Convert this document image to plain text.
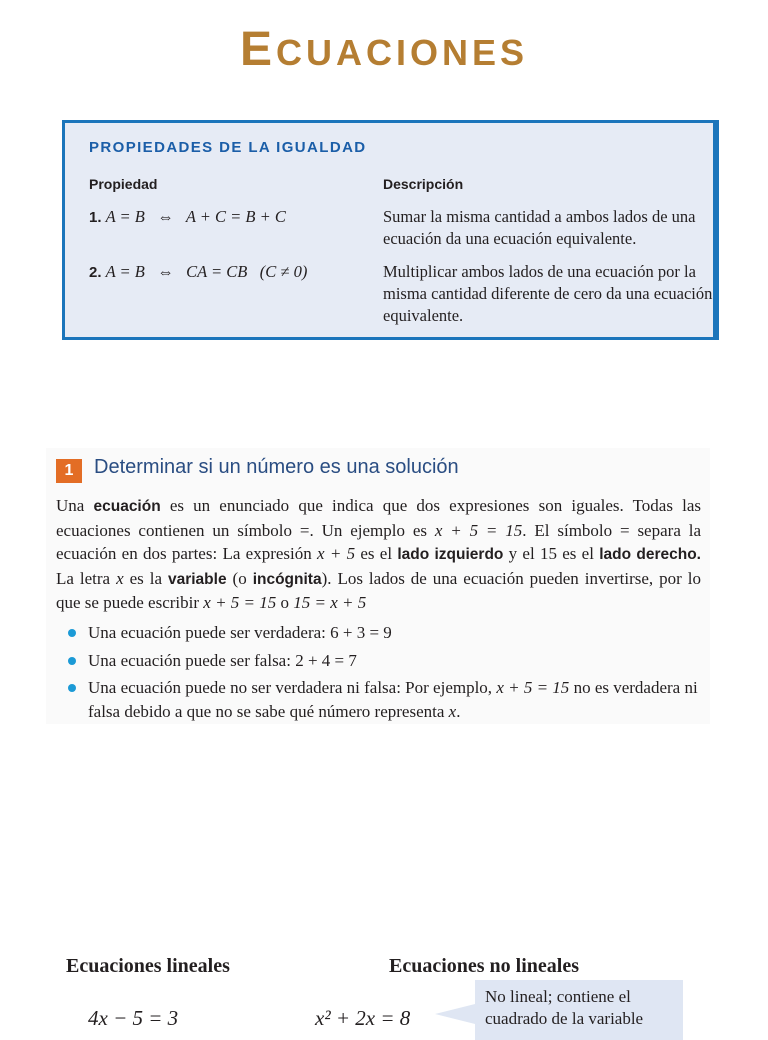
ECUACIONES
PROPIEDADES DE LA IGUALDAD
Propiedad	Descripción
1. A = B   ⇔   A + C = B + C	Sumar la misma cantidad a ambos lados de una ecuación da una ecuación equivalente.
2. A = B   ⇔   CA = CB   (C ≠ 0)	Multiplicar ambos lados de una ecuación por la misma cantidad diferente de cero da una ecuación equivalente.
1	Determinar si un número es una solución

Una ecuación es un enunciado que indica que dos expresiones son iguales. Todas las ecuaciones contienen un símbolo =. Un ejemplo es x + 5 = 15. El símbolo = separa la ecuación en dos partes: La expresión x + 5 es el lado izquierdo y el 15 es el lado derecho. La letra x es la variable (o incógnita). Los lados de una ecuación pueden invertirse, por lo que se puede escribir x + 5 = 15 o 15 = x + 5

Una ecuación puede ser verdadera: 6 + 3 = 9
Una ecuación puede ser falsa: 2 + 4 = 7
Una ecuación puede no ser verdadera ni falsa: Por ejemplo, x + 5 = 15 no es verdadera ni falsa debido a que no se sabe qué número representa x.
Ecuaciones lineales	Ecuaciones no lineales
4x − 5 = 3	x² + 2x = 8
No lineal; contiene el cuadrado de la variable
